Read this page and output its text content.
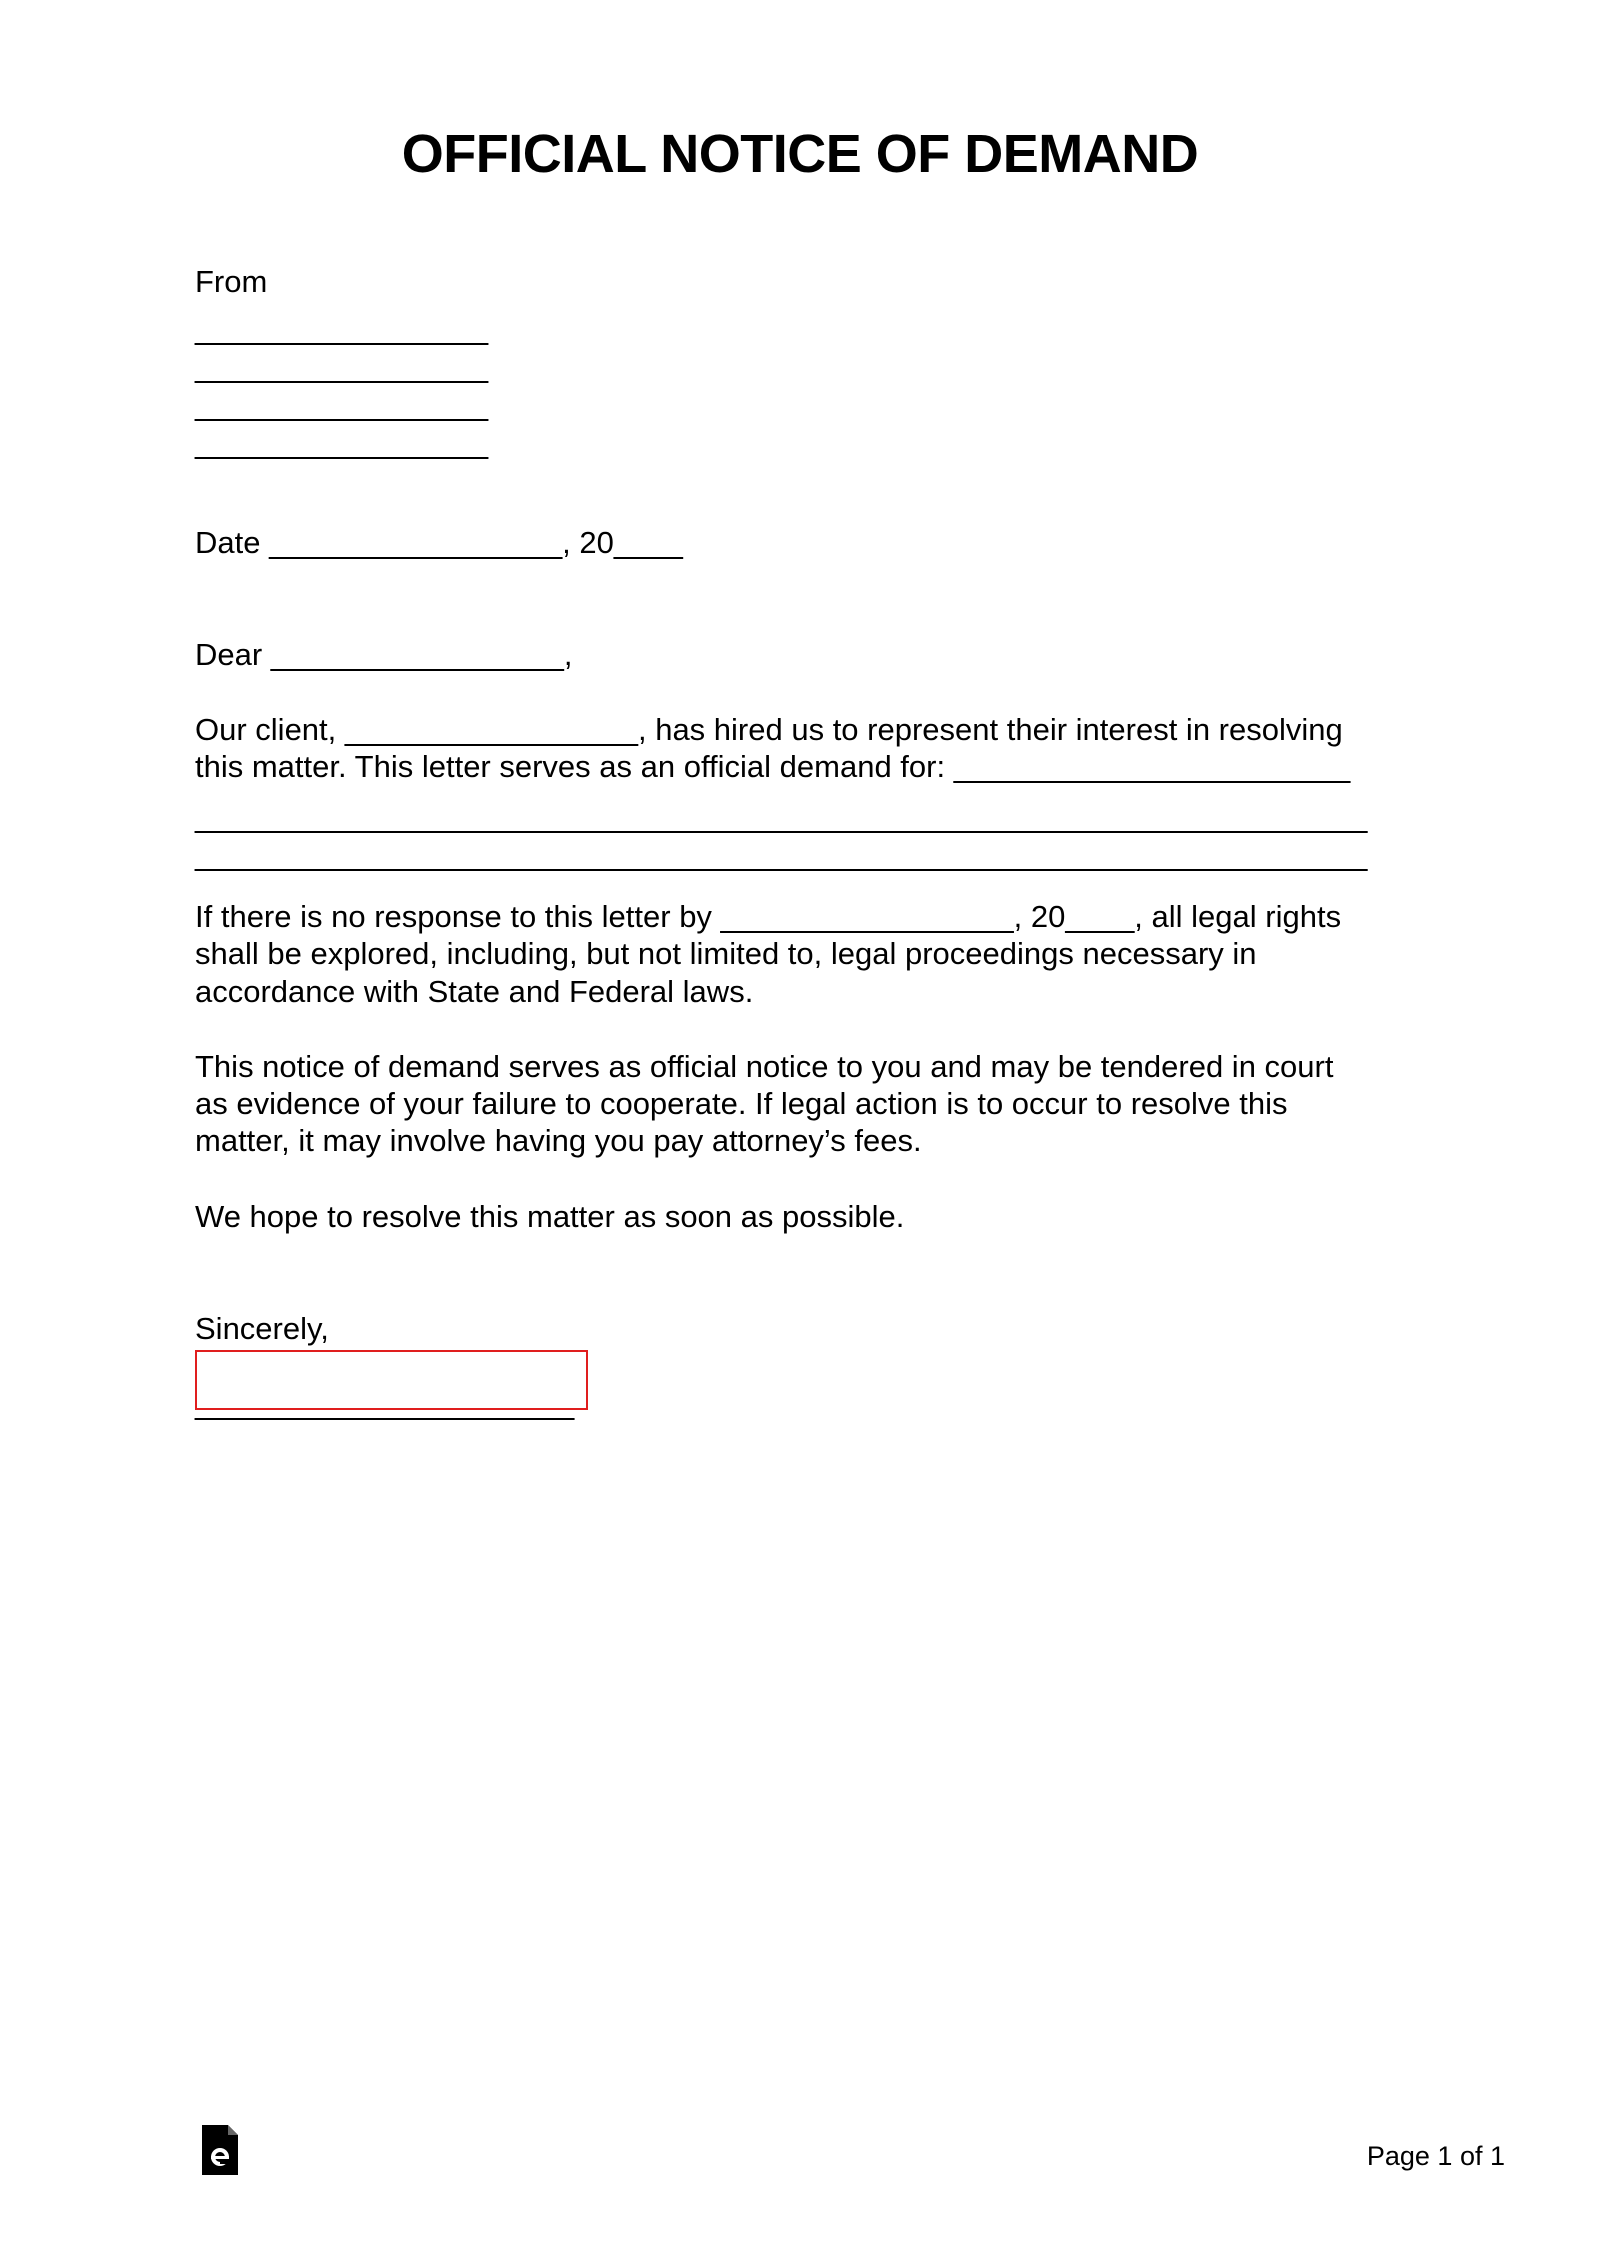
OFFICIAL NOTICE OF DEMAND
From
_________________
_________________
_________________
_________________
Date _________________, 20____
Dear _________________,
Our client, _________________, has hired us to represent their interest in resolving
this matter. This letter serves as an official demand for: _______________________
____________________________________________________________________
____________________________________________________________________
If there is no response to this letter by _________________, 20____, all legal rights
shall be explored, including, but not limited to, legal proceedings necessary in
accordance with State and Federal laws.
This notice of demand serves as official notice to you and may be tendered in court
as evidence of your failure to cooperate. If legal action is to occur to resolve this
matter, it may involve having you pay attorney’s fees.
We hope to resolve this matter as soon as possible.
Sincerely,
______________________
Page 1 of 1
